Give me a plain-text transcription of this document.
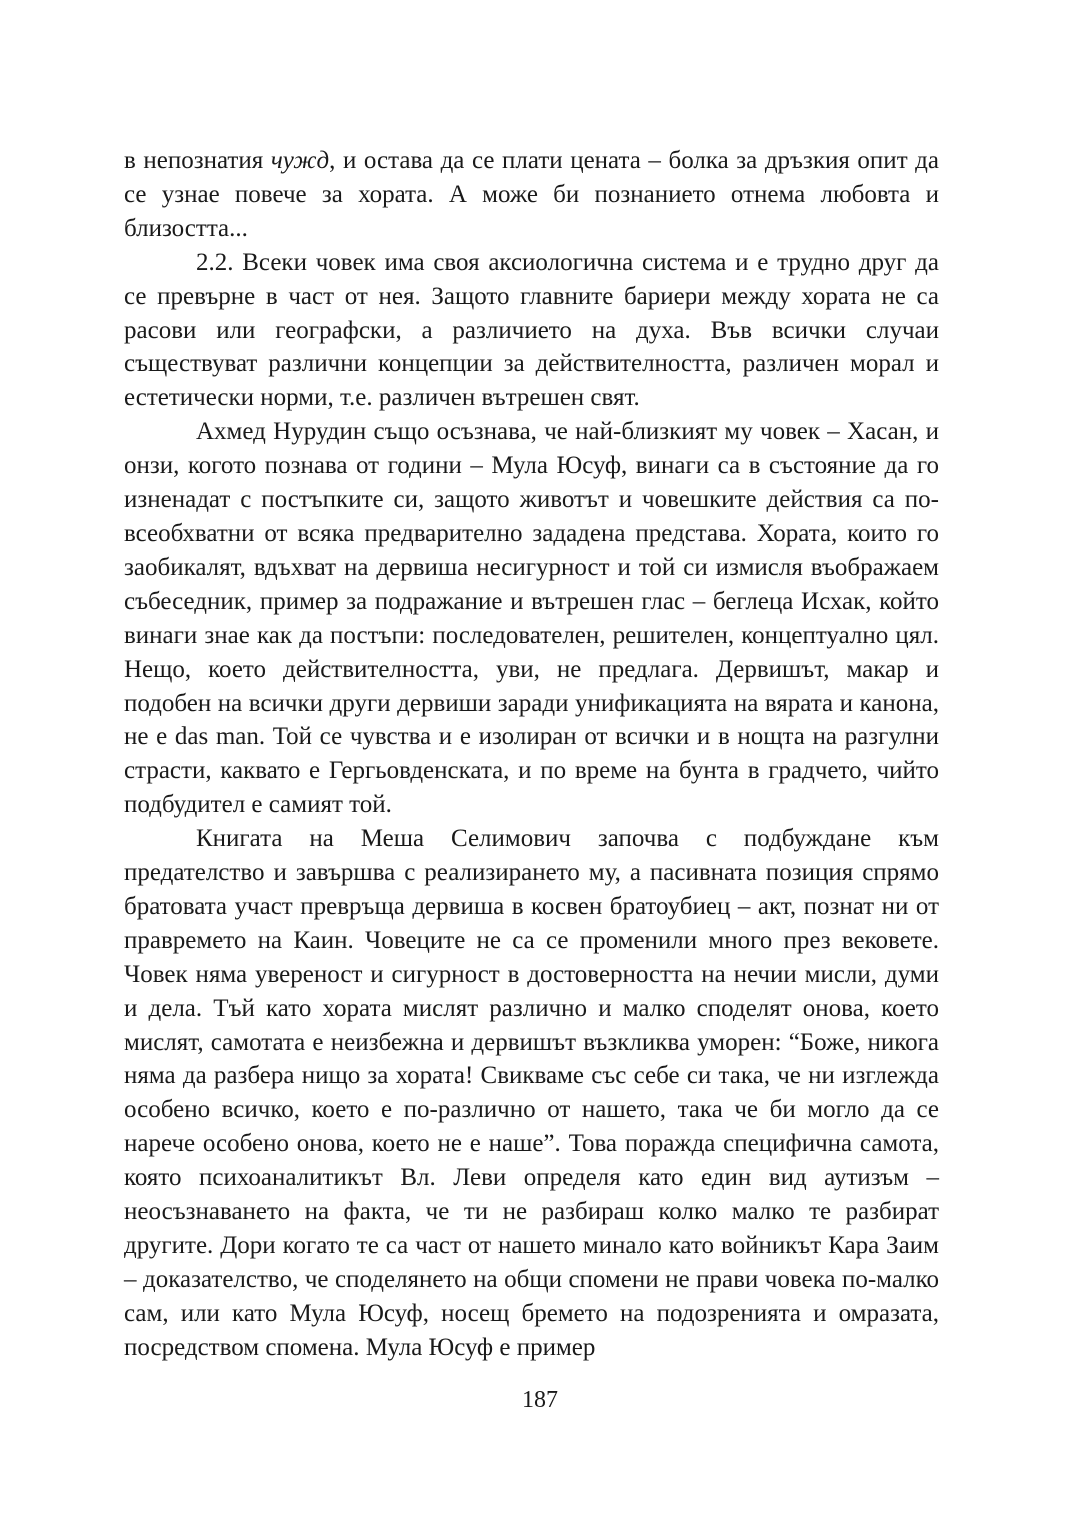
в непознатия чужд, и остава да се плати цената – болка за дръзкия опит да се узнае повече за хората. А може би познанието отнема любовта и близостта...

2.2. Всеки човек има своя аксиологична система и е трудно друг да се превърне в част от нея. Защото главните бариери между хората не са расови или географски, а различието на духа. Във всички случаи съществуват различни концепции за действителността, различен морал и естетически норми, т.е. различен вътрешен свят.

Ахмед Нурудин също осъзнава, че най-близкият му човек – Хасан, и онзи, когото познава от години – Мула Юсуф, винаги са в състояние да го изненадат с постъпките си, защото животът и човешките действия са по-всеобхватни от всяка предварително зададена представа. Хората, които го заобикалят, вдъхват на дервиша несигурност и той си измисля въображаем събеседник, пример за подражание и вътрешен глас – беглеца Исхак, който винаги знае как да постъпи: последователен, решителен, концептуално цял. Нещо, което действителността, уви, не предлага. Дервишът, макар и подобен на всички други дервиши заради унификацията на вярата и канона, не е das man. Той се чувства и е изолиран от всички и в нощта на разгулни страсти, каквато е Гергьовденската, и по време на бунта в градчето, чийто подбудител е самият той.

Книгата на Меша Селимович започва с подбуждане към предателство и завършва с реализирането му, а пасивната позиция спрямо братовата участ превръща дервиша в косвен братоубиец – акт, познат ни от правремето на Каин. Човеците не са се променили много през вековете. Човек няма увереност и сигурност в достоверността на нечии мисли, думи и дела. Тъй като хората мислят различно и малко споделят онова, което мислят, самотата е неизбежна и дервишът възкликва уморен: “Боже, никога няма да разбера нищо за хората! Свикваме със себе си така, че ни изглежда особено всичко, което е по-различно от нашето, така че би могло да се нарече особено онова, което не е наше”. Това поражда специфична самота, която психоаналитикът Вл. Леви определя като един вид аутизъм – неосъзнаването на факта, че ти не разбираш колко малко те разбират другите. Дори когато те са част от нашето минало като войникът Кара Заим – доказателство, че споделянето на общи спомени не прави човека по-малко сам, или като Мула Юсуф, носещ бремето на подозренията и омразата, посредством спомена. Мула Юсуф е пример

187
